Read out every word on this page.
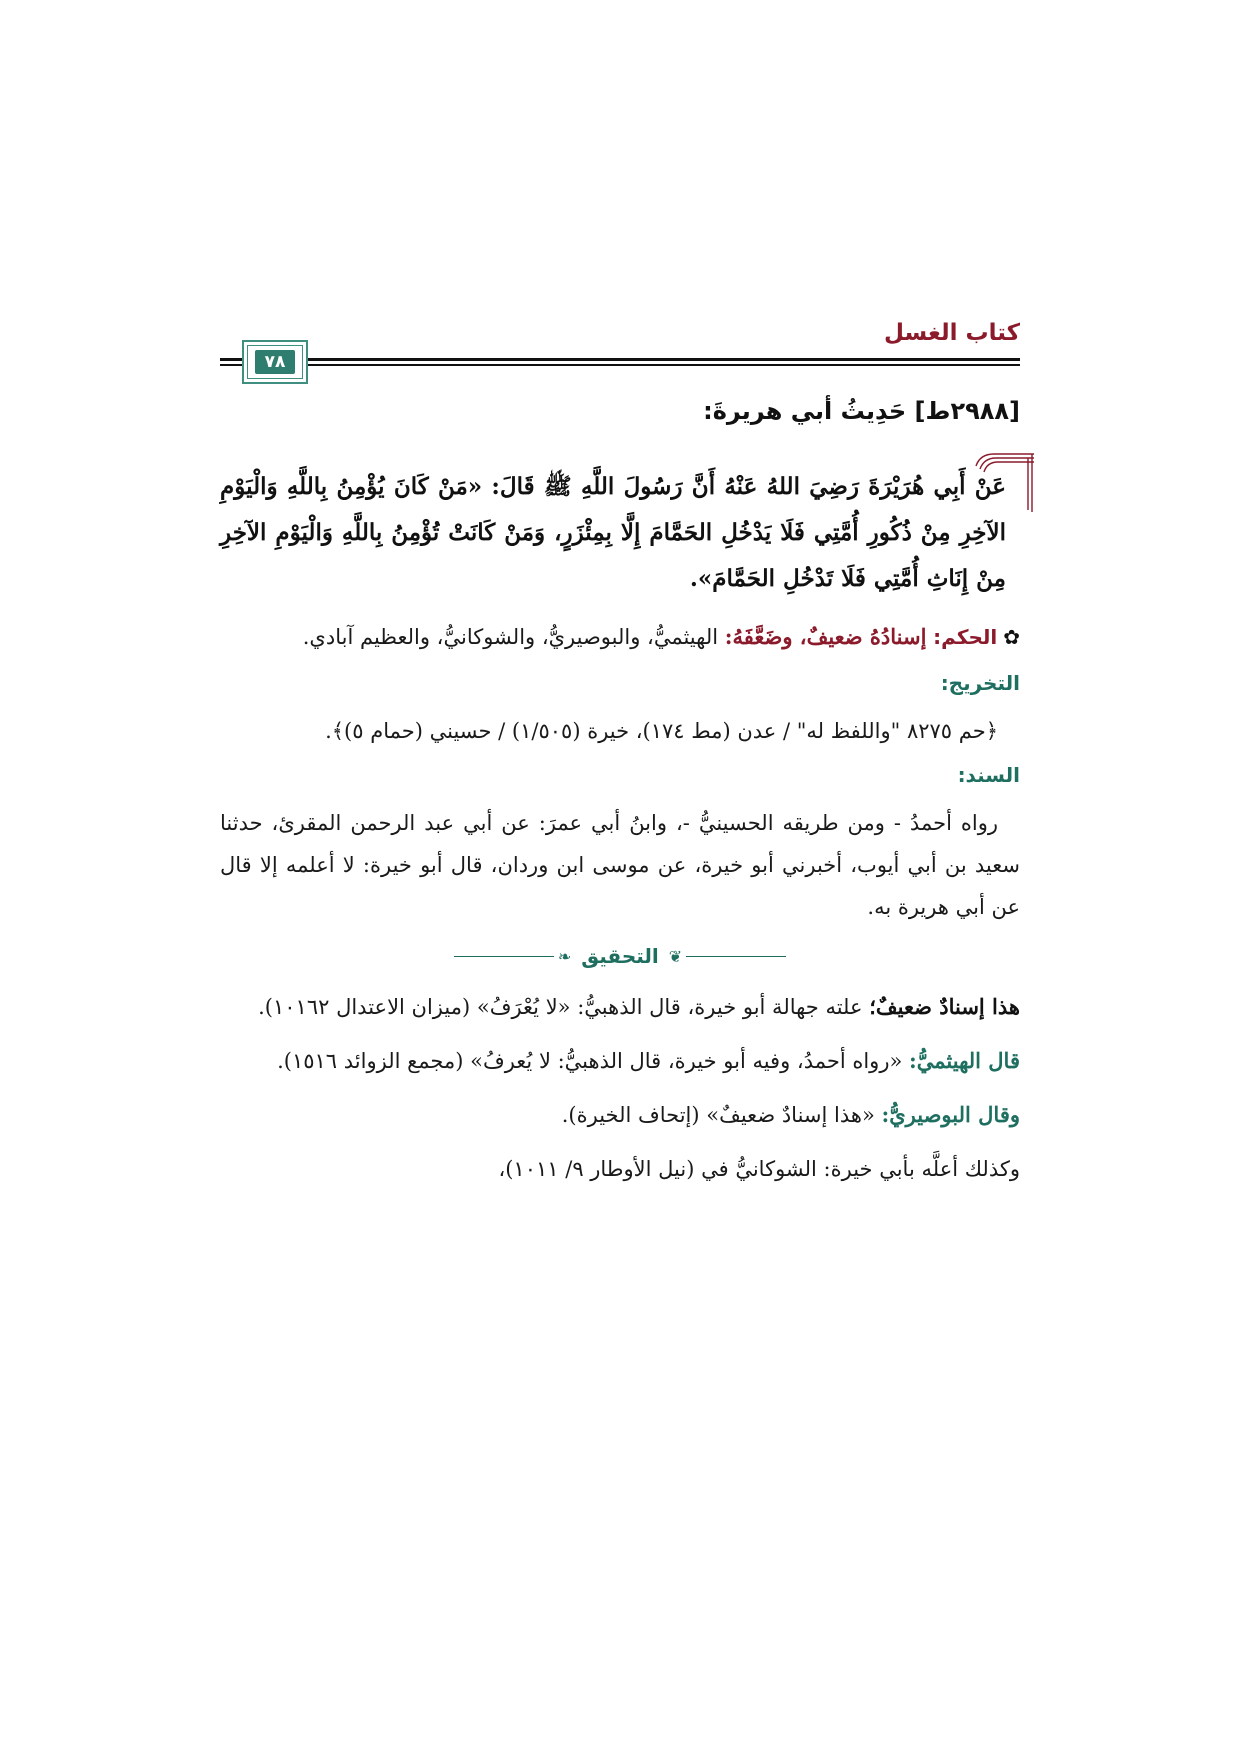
كتاب الغسل
٧٨
[٢٩٨٨ط] حَدِيثُ أبي هريرةَ:

عَنْ أَبِي هُرَيْرَةَ رَضِيَ اللهُ عَنْهُ أَنَّ رَسُولَ اللَّهِ ﷺ قَالَ: «مَنْ كَانَ يُؤْمِنُ بِاللَّهِ وَالْيَوْمِ الآخِرِ مِنْ ذُكُورِ أُمَّتِي فَلَا يَدْخُلِ الحَمَّامَ إِلَّا بِمِئْزَرٍ، وَمَنْ كَانَتْ تُؤْمِنُ بِاللَّهِ وَالْيَوْمِ الآخِرِ مِنْ إِنَاثِ أُمَّتِي فَلَا تَدْخُلِ الحَمَّامَ».

✿الحكم: إسنادُهُ ضعيفٌ، وضَعَّفَهُ: الهيثميُّ، والبوصيريُّ، والشوكانيُّ، والعظيم آبادي.

التخريج:

﴿حم ٨٢٧٥ "واللفظ له" / عدن (مط ١٧٤)، خيرة (١/٥٠٥) / حسيني (حمام ٥)﴾.

السند:

رواه أحمدُ - ومن طريقه الحسينيُّ -، وابنُ أبي عمرَ: عن أبي عبد الرحمن المقرئ، حدثنا سعيد بن أبي أيوب، أخبرني أبو خيرة، عن موسى ابن وردان، قال أبو خيرة: لا أعلمه إلا قال عن أبي هريرة به.

❦
التحقيق
❧

هذا إسنادٌ ضعيفٌ؛ علته جهالة أبو خيرة، قال الذهبيُّ: «لا يُعْرَفُ» (ميزان الاعتدال ١٠١٦٢).

قال الهيثميُّ: «رواه أحمدُ، وفيه أبو خيرة، قال الذهبيُّ: لا يُعرفُ» (مجمع الزوائد ١٥١٦).

وقال البوصيريُّ: «هذا إسنادٌ ضعيفٌ» (إتحاف الخيرة).

وكذلك أعلَّه بأبي خيرة: الشوكانيُّ في (نيل الأوطار ٩/ ١٠١١)،
